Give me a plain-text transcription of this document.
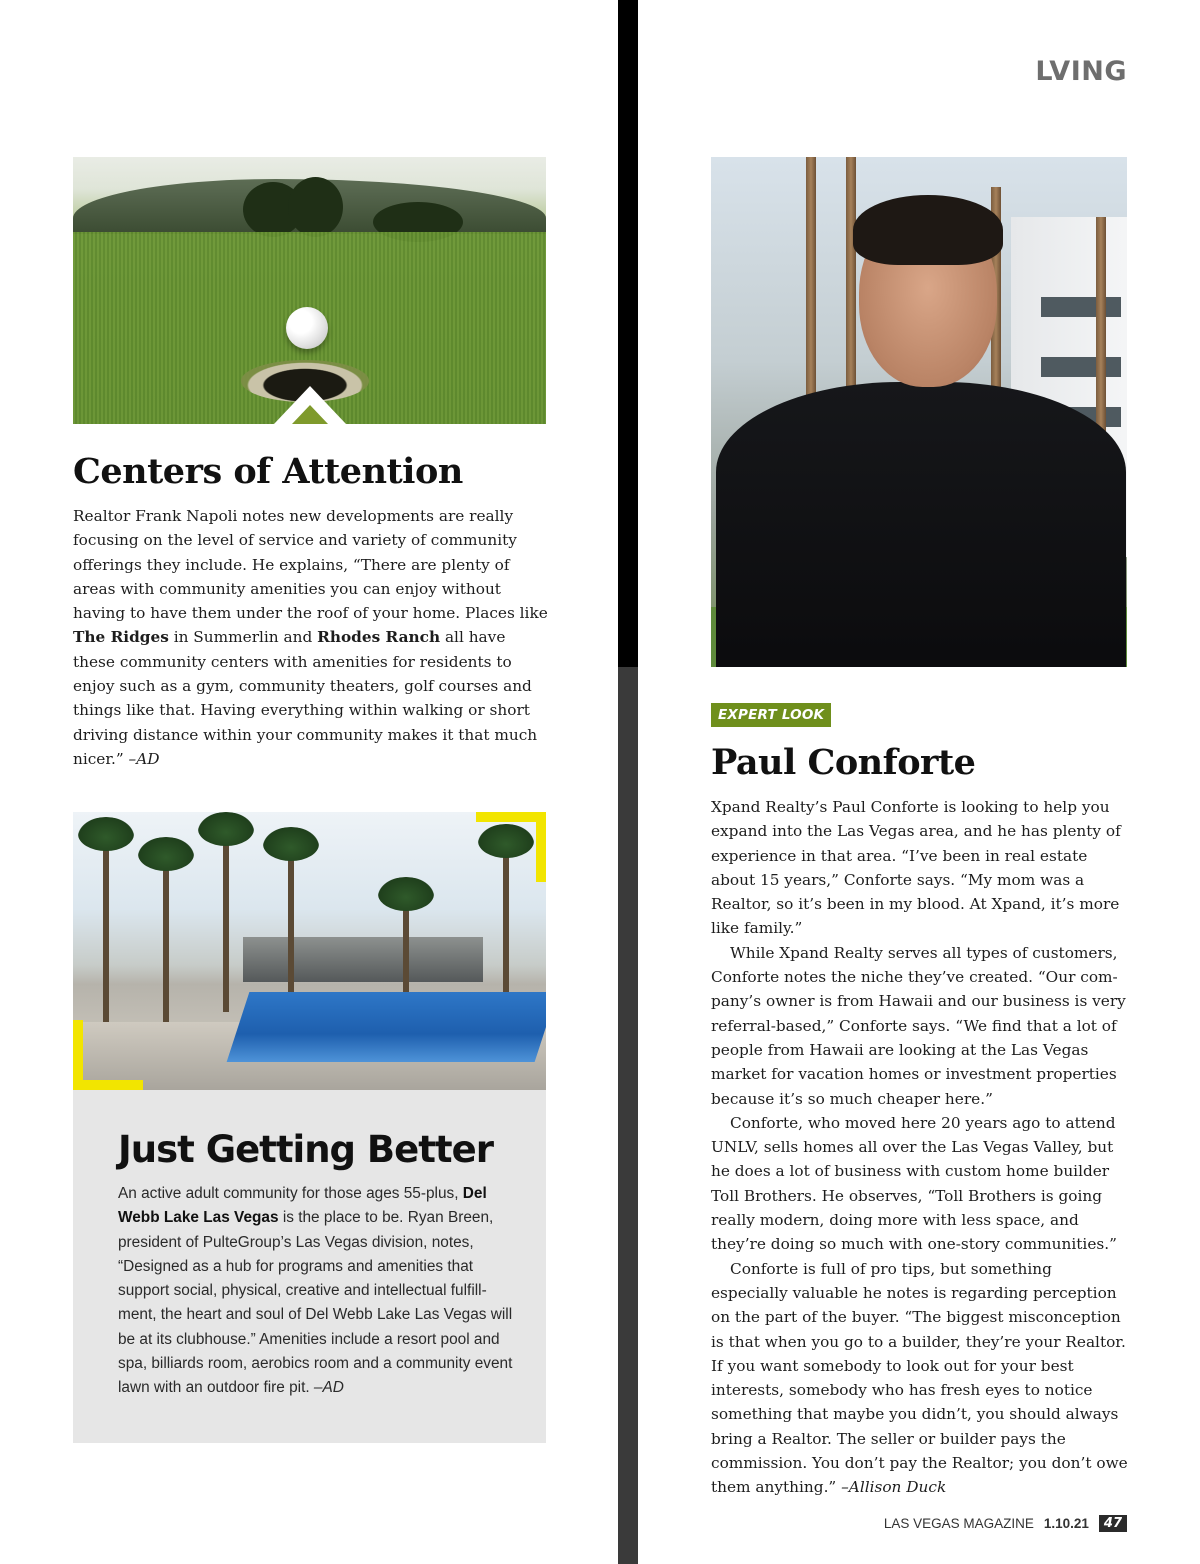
LVING
Centers of Attention

Realtor Frank Napoli notes new developments are really focusing on the level of service and variety of community offerings they include. He explains, “There are plenty of areas with community amenities you can enjoy without having to have them under the roof of your home. Places like The Ridges in Summerlin and Rhodes Ranch all have these community centers with amenities for residents to enjoy such as a gym, community theaters, golf courses and things like that. Having everything within walking or short driving distance within your community makes it that much nicer.” –AD

Just Getting Better

An active adult community for those ages 55-plus, Del Webb Lake Las Vegas is the place to be. Ryan Breen, president of PulteGroup’s Las Vegas division, notes, “Designed as a hub for programs and amenities that support social, physical, creative and intellectual fulfill-ment, the heart and soul of Del Webb Lake Las Vegas will be at its clubhouse.” Amenities include a resort pool and spa, billiards room, aerobics room and a community event lawn with an outdoor fire pit. –AD

EXPERT LOOK
Paul Conforte

Xpand Realty’s Paul Conforte is looking to help you expand into the Las Vegas area, and he has plenty of experience in that area. “I’ve been in real estate about 15 years,” Conforte says. “My mom was a Realtor, so it’s been in my blood. At Xpand, it’s more like family.”

While Xpand Realty serves all types of customers, Conforte notes the niche they’ve created. “Our com-pany’s owner is from Hawaii and our business is very referral-based,” Conforte says. “We find that a lot of people from Hawaii are looking at the Las Vegas market for vacation homes or investment properties because it’s so much cheaper here.”

Conforte, who moved here 20 years ago to attend UNLV, sells homes all over the Las Vegas Valley, but he does a lot of business with custom home builder Toll Brothers. He observes, “Toll Brothers is going really modern, doing more with less space, and they’re doing so much with one-story communities.”

Conforte is full of pro tips, but something especially valuable he notes is regarding perception on the part of the buyer. “The biggest misconception is that when you go to a builder, they’re your Realtor. If you want somebody to look out for your best interests, somebody who has fresh eyes to notice something that maybe you didn’t, you should always bring a Realtor. The seller or builder pays the commission. You don’t pay the Realtor; you don’t owe them anything.” –Allison Duck

LAS VEGAS MAGAZINE 1.10.21	47
